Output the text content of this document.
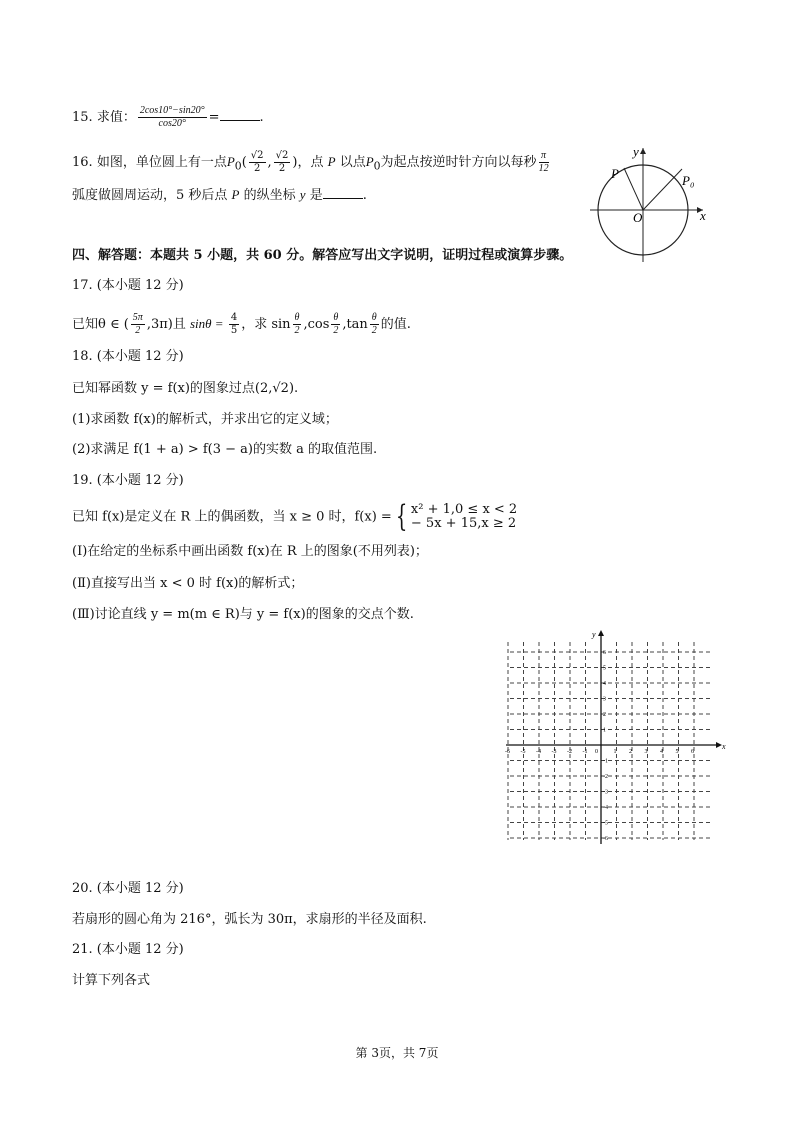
15. 求值： $\frac{2\cos 10^\circ-\sin 20^\circ}{\cos 20^\circ}$ =	.
16. 如图，单位圆上有一点$P_0( \frac{√2}{2}$ , $\frac{√2}{2}$ )，点 P 以点$P_0$为起点按逆时针方向以每秒 $\frac{\pi}{12}$
弧度做圆周运动，5 秒后点 P 的纵坐标 y 是	.
y
x
O
P	P₀
四、解答题：本题共 5 小题，共 60 分。解答应写出文字说明，证明过程或演算步骤。
17. (本小题 12 分)
已知θ ∈ ( $\frac{5\pi}{2} ,3\pi$)且 $\sin\theta = \frac{4}{5}$ ，求 $\sin \frac{\theta}{2} ,\cos \frac{\theta}{2} ,\tan \frac{\theta}{2}$ 的值.
18. (本小题 12 分)
已知幂函数 y = f(x)的图象过点(2,√2).
(1)求函数 f(x)的解析式，并求出它的定义域；
(2)求满足 f(1 + a) > f(3 − a)的实数 a 的取值范围.
19. (本小题 12 分)
已知 f(x)是定义在 R 上的偶函数，当 x ≥ 0 时，f(x) = { x² + 1,0 ≤ x < 2
− 5x + 15,x ≥ 2
(Ⅰ)在给定的坐标系中画出函数 f(x)在 R 上的图象(不用列表)；
(Ⅱ)直接写出当 x < 0 时 f(x)的解析式；
(Ⅲ)讨论直线 y = m(m ∈ R)与 y = f(x)的图象的交点个数.
x
y
0
-6 -5 -4 -3 -2 -1	1 2 3 4 5 6
6
5
4
3
2
1
-1
-2
-3
-4
-5
-6
20. (本小题 12 分)
若扇形的圆心角为 216°，弧长为 30π，求扇形的半径及面积.
21. (本小题 12 分)
计算下列各式
第 3页，共 7页
